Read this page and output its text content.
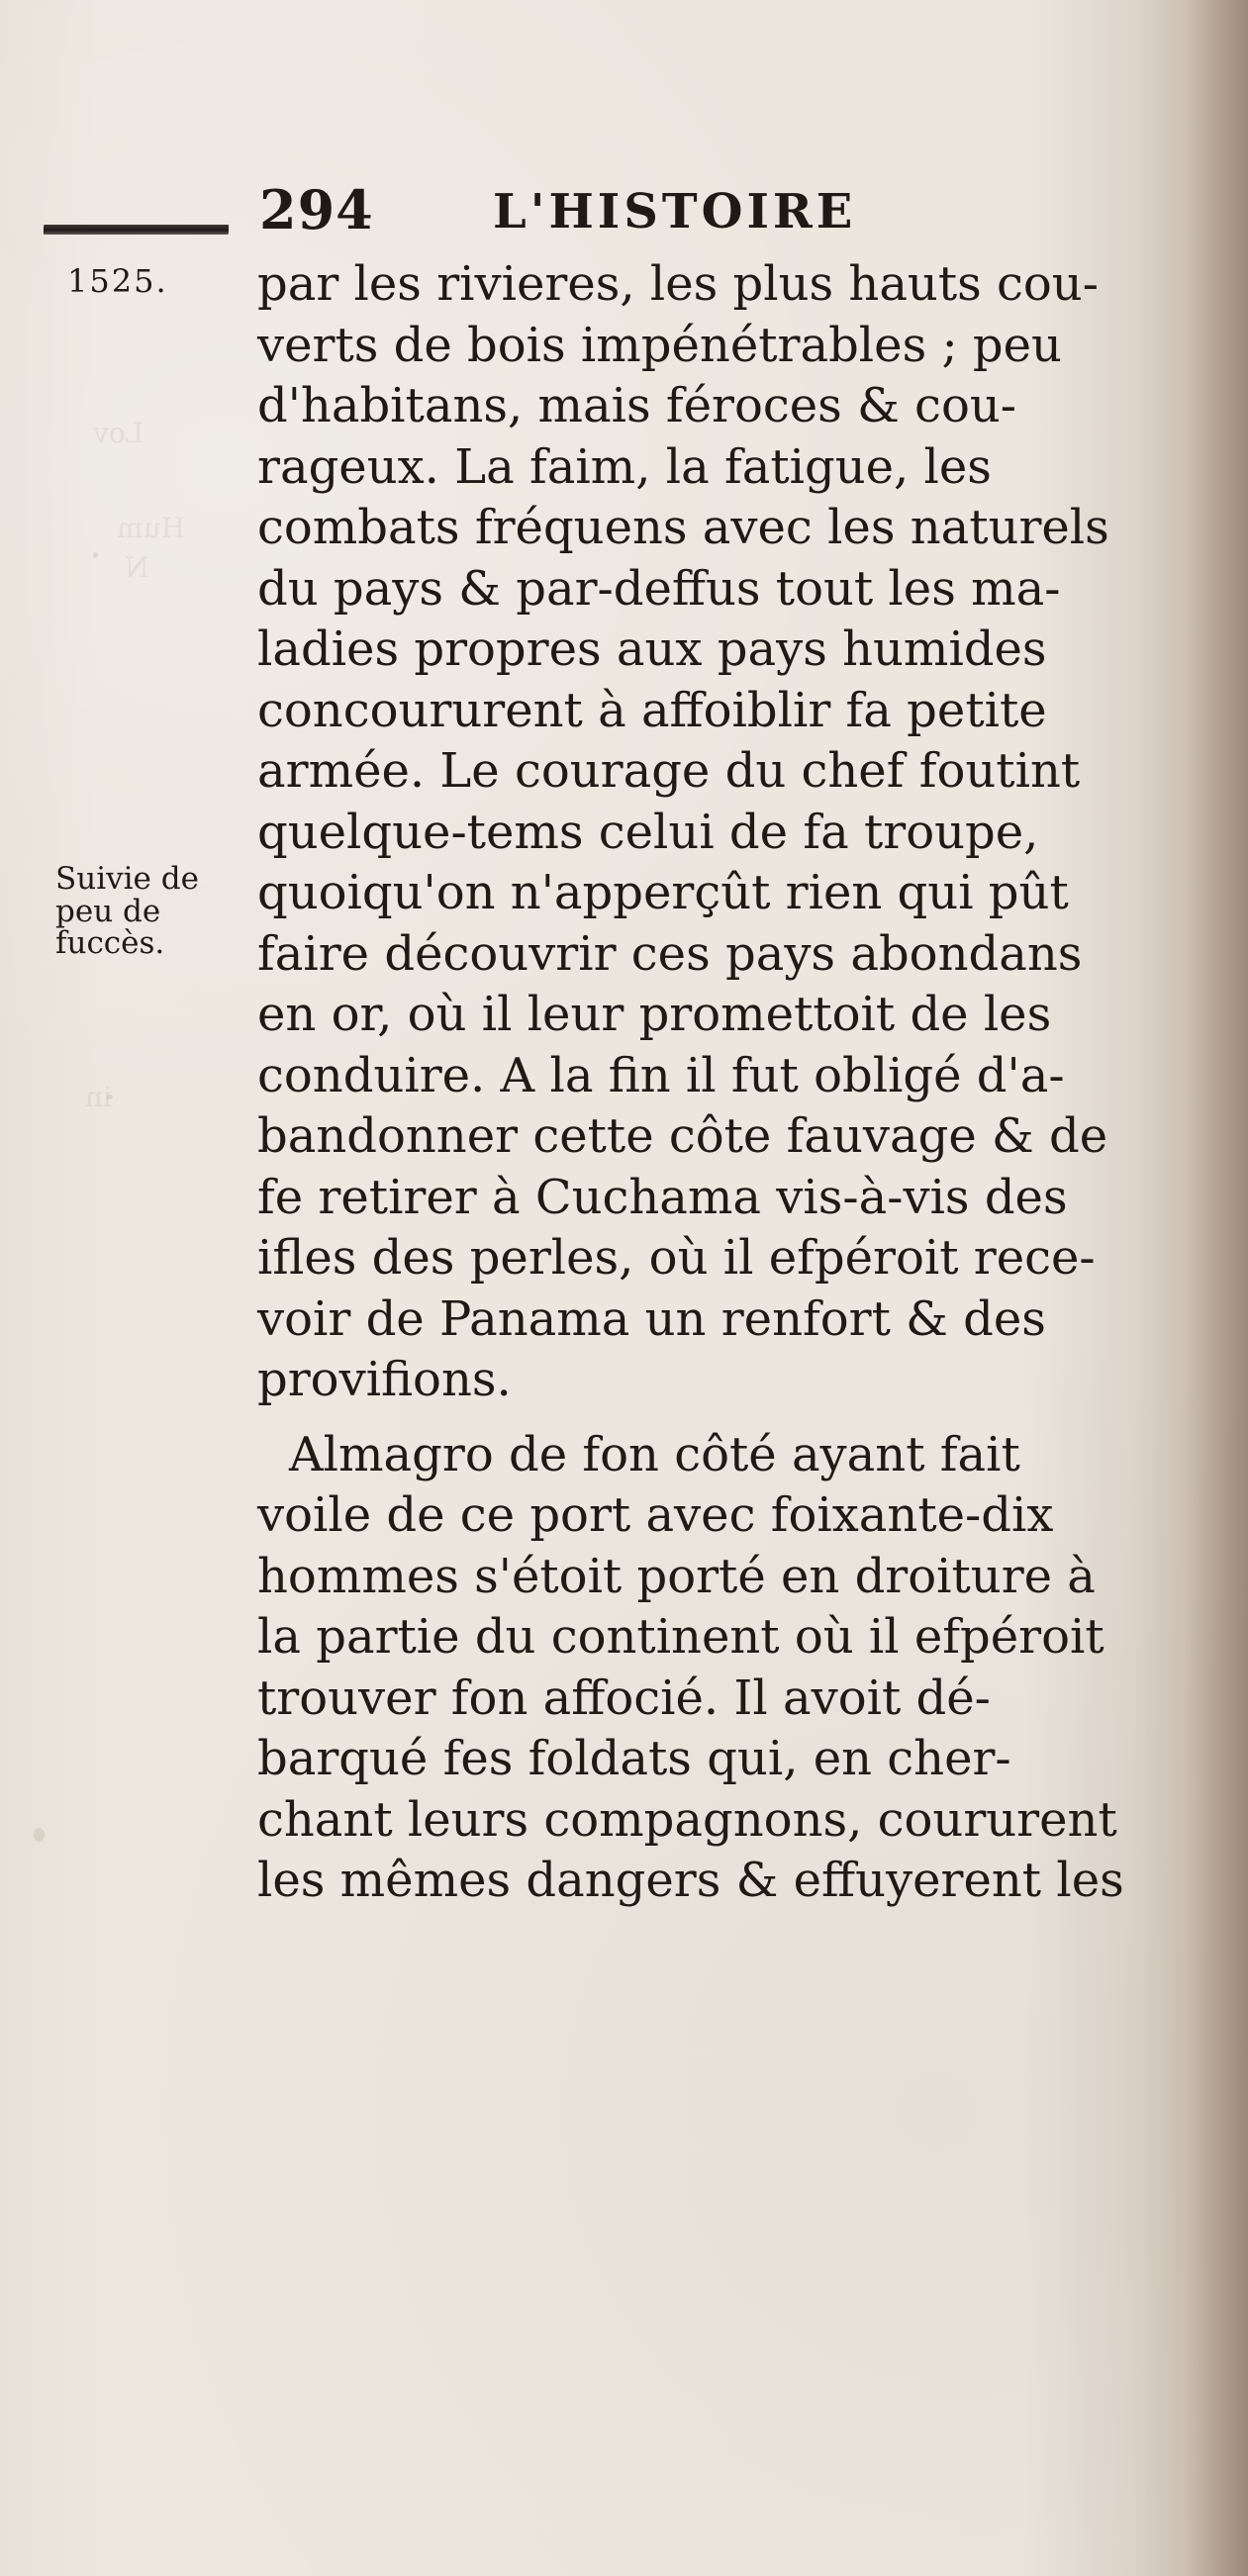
Lov
Hum
N
in
294	L'HISTOIRE
1525.
Suivie de
peu de
fuccès.
par les rivieres, les plus hauts cou-
verts de bois impénétrables ; peu
d'habitans, mais féroces & cou-
rageux. La faim, la fatigue, les
combats fréquens avec les naturels
du pays & par-deffus tout les ma-
ladies propres aux pays humides
concoururent à affoiblir fa petite
armée. Le courage du chef foutint
quelque-tems celui de fa troupe,
quoiqu'on n'apperçût rien qui pût
faire découvrir ces pays abondans
en or, où il leur promettoit de les
conduire. A la fin il fut obligé d'a-
bandonner cette côte fauvage & de
fe retirer à Cuchama vis-à-vis des
ifles des perles, où il efpéroit rece-
voir de Panama un renfort & des
provifions.
Almagro de fon côté ayant fait
voile de ce port avec foixante-dix
hommes s'étoit porté en droiture à
la partie du continent où il efpéroit
trouver fon affocié. Il avoit dé-
barqué fes foldats qui, en cher-
chant leurs compagnons, coururent
les mêmes dangers & effuyerent les
